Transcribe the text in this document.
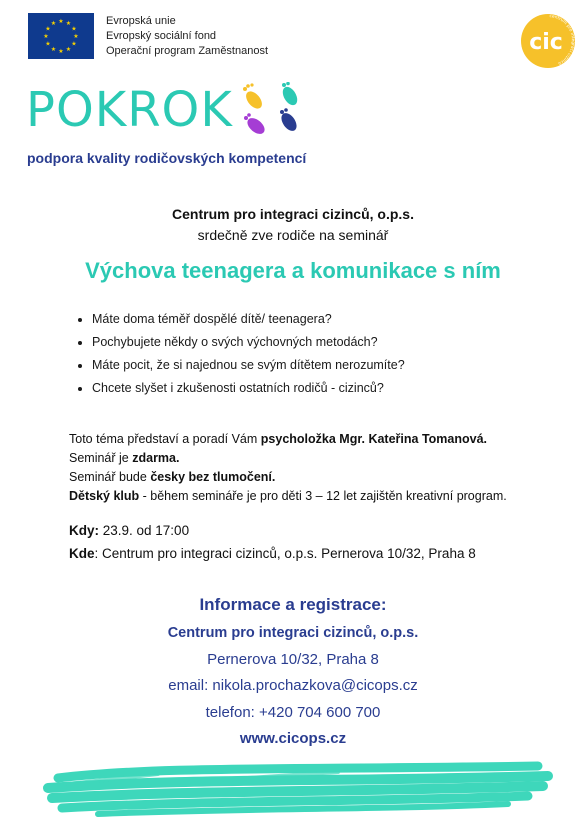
★ ★
★
★
★
★
★
★
★
★
★
★	Evropská unie
Evropský sociální fond
Operační program Zaměstnanost	cic
centrum pro integraci cizinců
POKROK
podpora kvality rodičovských kompetencí
Centrum pro integraci cizinců, o.p.s.
srdečně zve rodiče na seminář
Výchova teenagera a komunikace s ním
• Máte doma téměř dospělé dítě/ teenagera?
• Pochybujete někdy o svých výchovných metodách?
• Máte pocit, že si najednou se svým dítětem nerozumíte?
• Chcete slyšet i zkušenosti ostatních rodičů - cizinců?
Toto téma představí a poradí Vám psycholožka Mgr. Kateřina Tomanová.
Seminář je zdarma.
Seminář bude česky bez tlumočení.
Dětský klub - během semináře je pro děti 3 – 12 let zajištěn kreativní program.
Kdy: 23.9. od 17:00
Kde: Centrum pro integraci cizinců, o.p.s. Pernerova 10/32, Praha 8
Informace a registrace:
Centrum pro integraci cizinců, o.p.s.
Pernerova 10/32, Praha 8
email: nikola.prochazkova@cicops.cz
telefon: +420 704 600 700
www.cicops.cz
